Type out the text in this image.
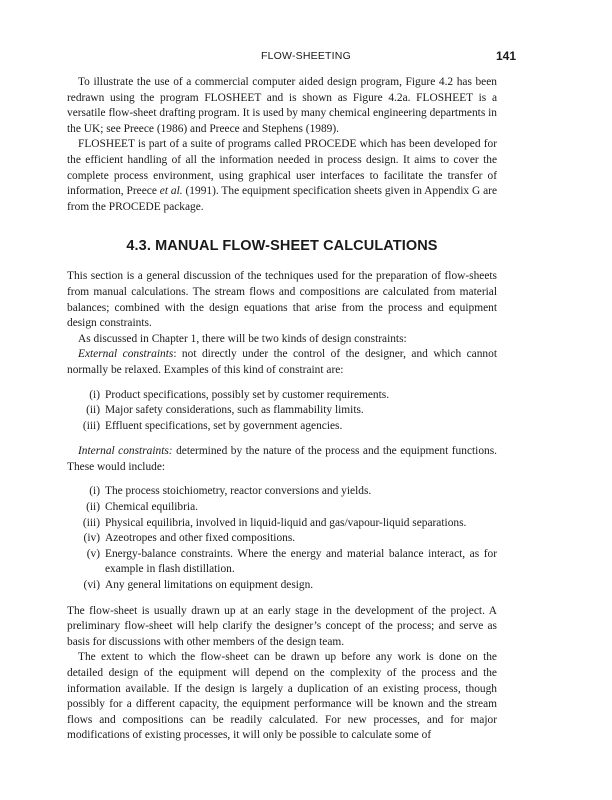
FLOW-SHEETING	141

To illustrate the use of a commercial computer aided design program, Figure 4.2 has been redrawn using the program FLOSHEET and is shown as Figure 4.2a. FLOSHEET is a versatile flow-sheet drafting program. It is used by many chemical engineering departments in the UK; see Preece (1986) and Preece and Stephens (1989).

FLOSHEET is part of a suite of programs called PROCEDE which has been developed for the efficient handling of all the information needed in process design. It aims to cover the complete process environment, using graphical user interfaces to facilitate the transfer of information, Preece et al. (1991). The equipment specification sheets given in Appendix G are from the PROCEDE package.

4.3. MANUAL FLOW-SHEET CALCULATIONS

This section is a general discussion of the techniques used for the preparation of flow-sheets from manual calculations. The stream flows and compositions are calculated from material balances; combined with the design equations that arise from the process and equipment design constraints.

As discussed in Chapter 1, there will be two kinds of design constraints:

External constraints: not directly under the control of the designer, and which cannot normally be relaxed. Examples of this kind of constraint are:

(i) Product specifications, possibly set by customer requirements.
(ii) Major safety considerations, such as flammability limits.
(iii) Effluent specifications, set by government agencies.

Internal constraints: determined by the nature of the process and the equipment functions. These would include:

(i) The process stoichiometry, reactor conversions and yields.
(ii) Chemical equilibria.
(iii) Physical equilibria, involved in liquid-liquid and gas/vapour-liquid separations.
(iv) Azeotropes and other fixed compositions.
(v) Energy-balance constraints. Where the energy and material balance interact, as for example in flash distillation.
(vi) Any general limitations on equipment design.

The flow-sheet is usually drawn up at an early stage in the development of the project. A preliminary flow-sheet will help clarify the designer’s concept of the process; and serve as basis for discussions with other members of the design team.

The extent to which the flow-sheet can be drawn up before any work is done on the detailed design of the equipment will depend on the complexity of the process and the information available. If the design is largely a duplication of an existing process, though possibly for a different capacity, the equipment performance will be known and the stream flows and compositions can be readily calculated. For new processes, and for major modifications of existing processes, it will only be possible to calculate some of
